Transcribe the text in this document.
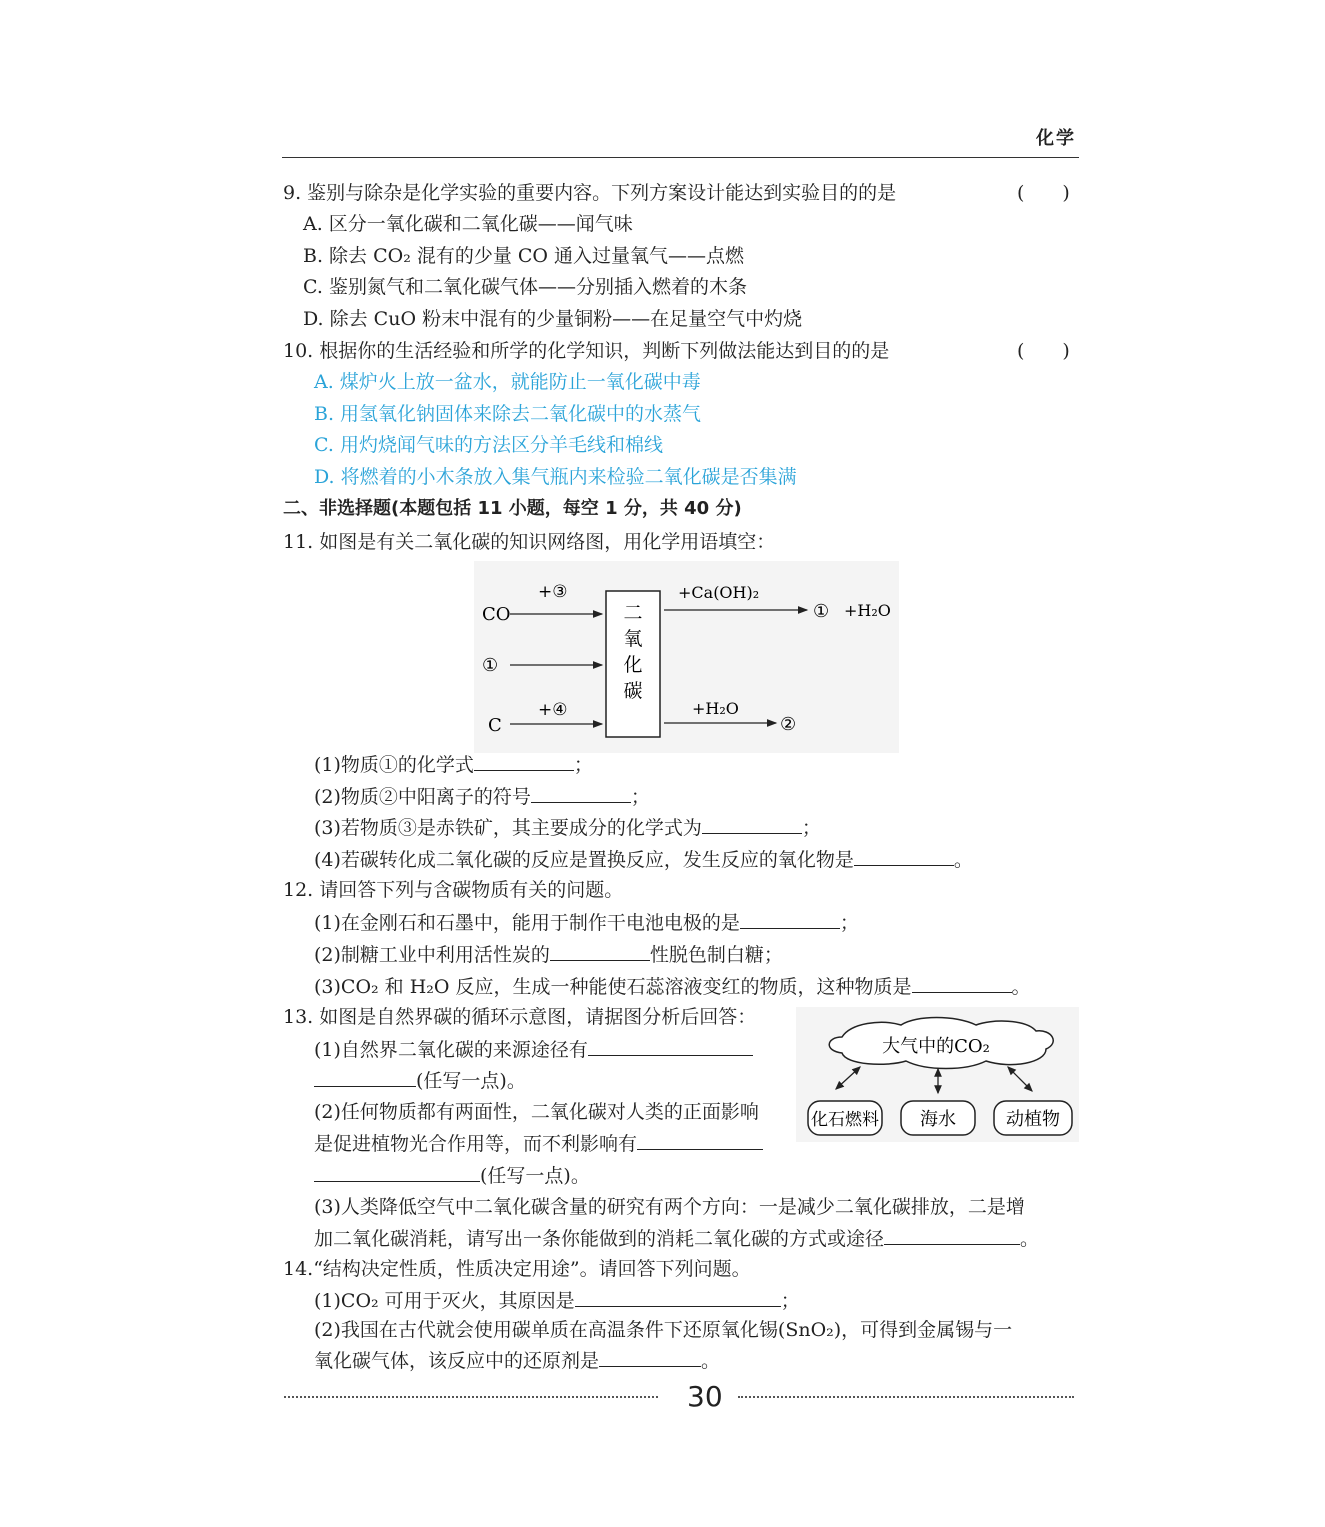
化学
9. 鉴别与除杂是化学实验的重要内容。下列方案设计能达到实验目的的是	(　　)
A. 区分一氧化碳和二氧化碳——闻气味
B. 除去 CO₂ 混有的少量 CO 通入过量氧气——点燃
C. 鉴别氮气和二氧化碳气体——分别插入燃着的木条
D. 除去 CuO 粉末中混有的少量铜粉——在足量空气中灼烧
10. 根据你的生活经验和所学的化学知识，判断下列做法能达到目的的是	(　　)
A. 煤炉火上放一盆水，就能防止一氧化碳中毒
B. 用氢氧化钠固体来除去二氧化碳中的水蒸气
C. 用灼烧闻气味的方法区分羊毛线和棉线
D. 将燃着的小木条放入集气瓶内来检验二氧化碳是否集满
二、非选择题(本题包括 11 小题，每空 1 分，共 40 分)
11. 如图是有关二氧化碳的知识网络图，用化学用语填空：
二
氧
化
碳
CO
+③
①
C
+④
+Ca(OH)₂
① +H₂O
+H₂O
②
(1)物质①的化学式	；
(2)物质②中阳离子的符号	；
(3)若物质③是赤铁矿，其主要成分的化学式为	；
(4)若碳转化成二氧化碳的反应是置换反应，发生反应的氧化物是	。
12. 请回答下列与含碳物质有关的问题。
(1)在金刚石和石墨中，能用于制作干电池电极的是	；
(2)制糖工业中利用活性炭的	性脱色制白糖；
(3)CO₂ 和 H₂O 反应，生成一种能使石蕊溶液变红的物质，这种物质是	。
13. 如图是自然界碳的循环示意图，请据图分析后回答：
(1)自然界二氧化碳的来源途径有
(任写一点)。
(2)任何物质都有两面性，二氧化碳对人类的正面影响
是促进植物光合作用等，而不利影响有
(任写一点)。
(3)人类降低空气中二氧化碳含量的研究有两个方向：一是减少二氧化碳排放，二是增
加二氧化碳消耗，请写出一条你能做到的消耗二氧化碳的方式或途径	。
大气中的CO₂
化石燃料 海水	动植物
14.“结构决定性质，性质决定用途”。请回答下列问题。
(1)CO₂ 可用于灭火，其原因是	；
(2)我国在古代就会使用碳单质在高温条件下还原氧化锡(SnO₂)，可得到金属锡与一
氧化碳气体，该反应中的还原剂是	。
30
